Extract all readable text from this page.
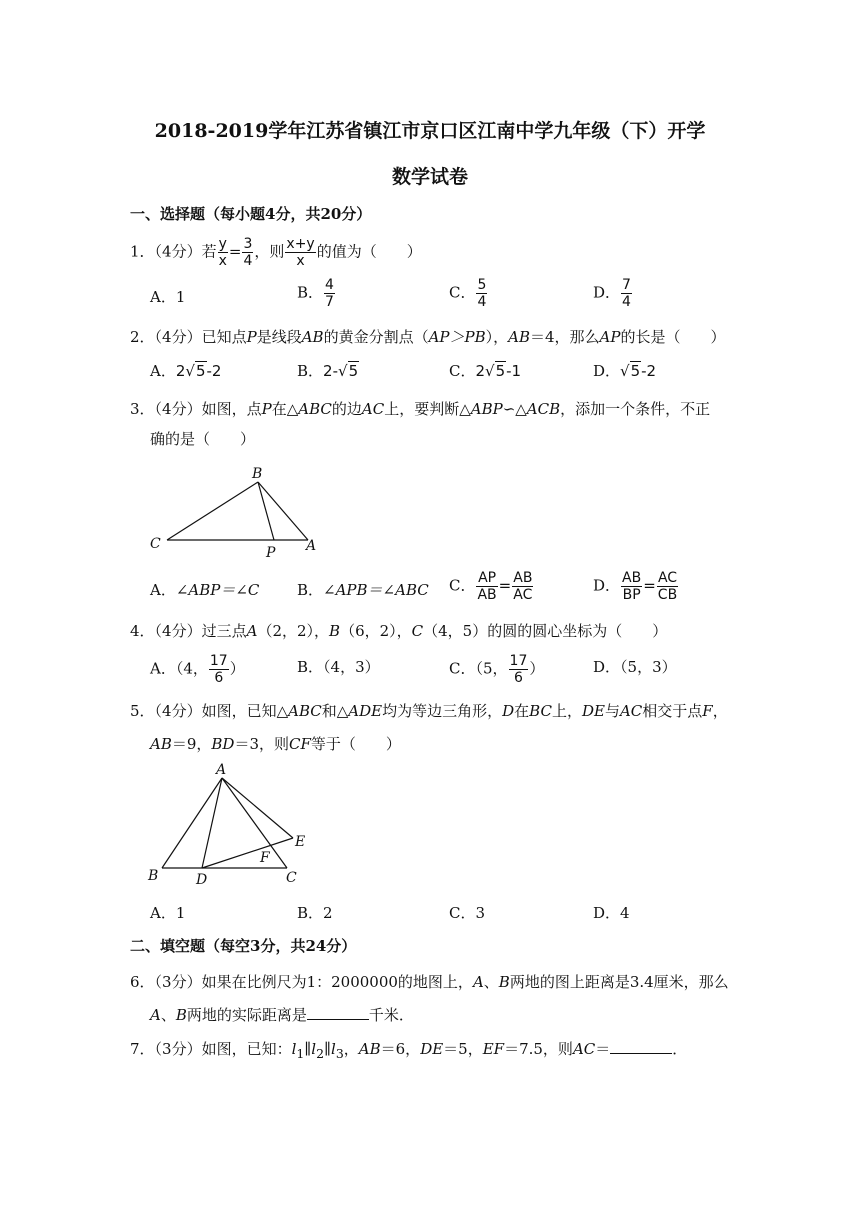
2018-2019学年江苏省镇江市京口区江南中学九年级（下）开学
数学试卷
一、选择题（每小题4分，共20分）
1．（4分）若 $\frac{y}{x} = \frac{3}{4}$ ，则 $\frac{x+y}{x}$ 的值为（　　）
A．1	B． $\frac{4}{7}$	C． $\frac{5}{4}$	D． $\frac{7}{4}$
2．（4分）已知点P是线段AB的黄金分割点（AP＞PB），AB＝4，那么AP的长是（　　）
A．2√5-2	B．2-√5	C．2√5-1	D．√5-2
3．（4分）如图，点P在△ABC的边AC上，要判断△ABP∽△ACB，添加一个条件，不正
确的是（　　）
B
C
P A
A．∠ABP＝∠C	B．∠APB＝∠ABC C． $\frac{AP}{AB} = \frac{AB}{AC}$	D． $\frac{AB}{BP} = \frac{AC}{CB}$
4．（4分）过三点A（2，2），B（6，2），C（4，5）的圆的圆心坐标为（　　）
A．（4， $\frac{17}{6}$ ）	B．（4，3）	C．（5， $\frac{17}{6}$ ）	D．（5，3）
5．（4分）如图，已知△ABC和△ADE均为等边三角形，D在BC上，DE与AC相交于点F，
AB＝9，BD＝3，则CF等于（　　）
A
E
F
B	D	C
A．1	B．2	C．3	D．4
二、填空题（每空3分，共24分）
6．（3分）如果在比例尺为1：2000000的地图上，A、B两地的图上距离是3.4厘米，那么
A、B两地的实际距离是	千米．
7．（3分）如图，已知：$l_1\parallel l_2\parallel l_3$，AB＝6，DE＝5，EF＝7.5，则AC＝	．
